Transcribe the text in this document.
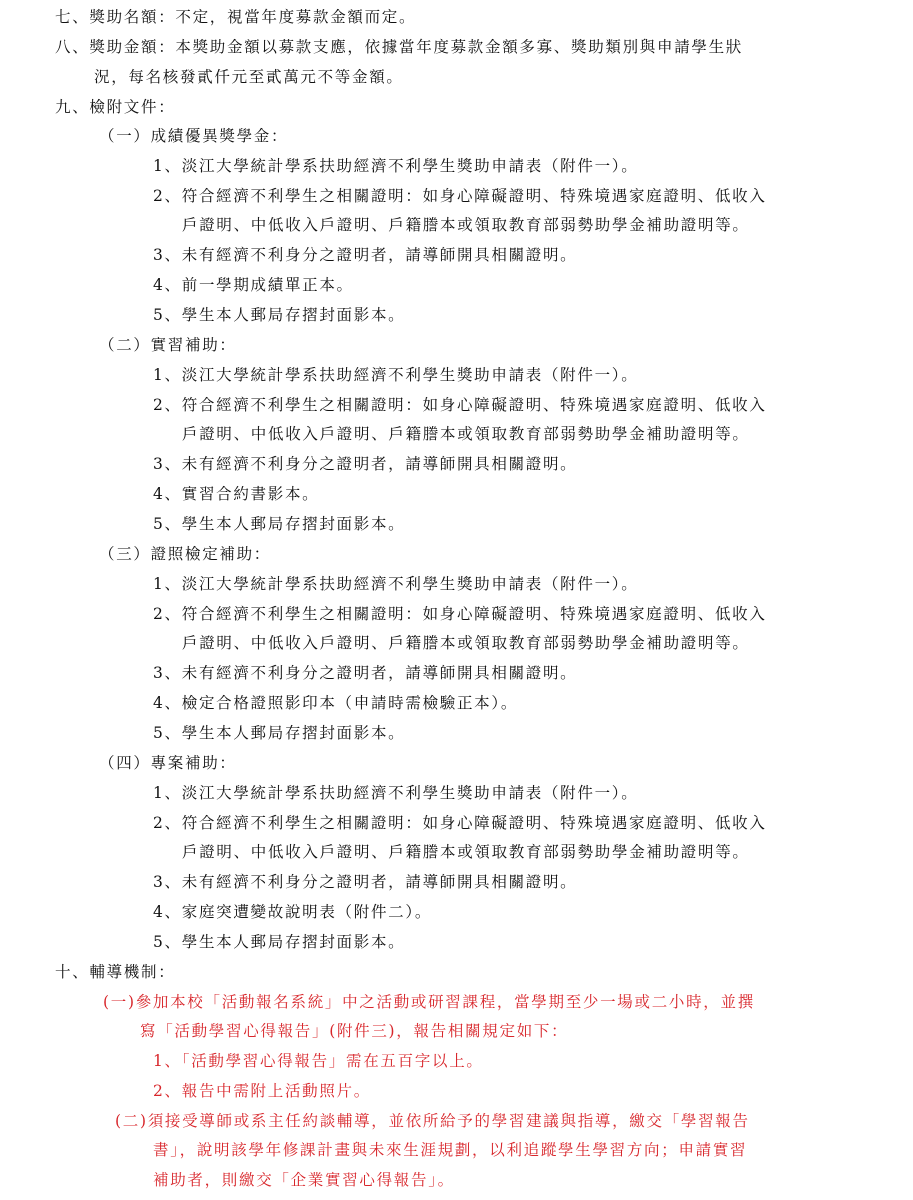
七、獎助名額：不定，視當年度募款金額而定。
八、獎助金額：本獎助金額以募款支應，依據當年度募款金額多寡、獎助類別與申請學生狀
況，每名核發貳仟元至貳萬元不等金額。
九、檢附文件：
（一）成績優異獎學金：
1、淡江大學統計學系扶助經濟不利學生獎助申請表（附件一）。
2、符合經濟不利學生之相關證明：如身心障礙證明、特殊境遇家庭證明、低收入
戶證明、中低收入戶證明、戶籍謄本或領取教育部弱勢助學金補助證明等。
3、未有經濟不利身分之證明者，請導師開具相關證明。
4、前一學期成績單正本。
5、學生本人郵局存摺封面影本。
（二）實習補助：
1、淡江大學統計學系扶助經濟不利學生獎助申請表（附件一）。
2、符合經濟不利學生之相關證明：如身心障礙證明、特殊境遇家庭證明、低收入
戶證明、中低收入戶證明、戶籍謄本或領取教育部弱勢助學金補助證明等。
3、未有經濟不利身分之證明者，請導師開具相關證明。
4、實習合約書影本。
5、學生本人郵局存摺封面影本。
（三）證照檢定補助：
1、淡江大學統計學系扶助經濟不利學生獎助申請表（附件一）。
2、符合經濟不利學生之相關證明：如身心障礙證明、特殊境遇家庭證明、低收入
戶證明、中低收入戶證明、戶籍謄本或領取教育部弱勢助學金補助證明等。
3、未有經濟不利身分之證明者，請導師開具相關證明。
4、檢定合格證照影印本（申請時需檢驗正本）。
5、學生本人郵局存摺封面影本。
（四）專案補助：
1、淡江大學統計學系扶助經濟不利學生獎助申請表（附件一）。
2、符合經濟不利學生之相關證明：如身心障礙證明、特殊境遇家庭證明、低收入
戶證明、中低收入戶證明、戶籍謄本或領取教育部弱勢助學金補助證明等。
3、未有經濟不利身分之證明者，請導師開具相關證明。
4、家庭突遭變故說明表（附件二）。
5、學生本人郵局存摺封面影本。
十、輔導機制：
(一)參加本校「活動報名系統」中之活動或研習課程，當學期至少一場或二小時，並撰
寫「活動學習心得報告」(附件三)，報告相關規定如下：
1、「活動學習心得報告」需在五百字以上。
2、報告中需附上活動照片。
(二)須接受導師或系主任約談輔導，並依所給予的學習建議與指導，繳交「學習報告
書」，說明該學年修課計畫與未來生涯規劃，以利追蹤學生學習方向；申請實習
補助者，則繳交「企業實習心得報告」。
